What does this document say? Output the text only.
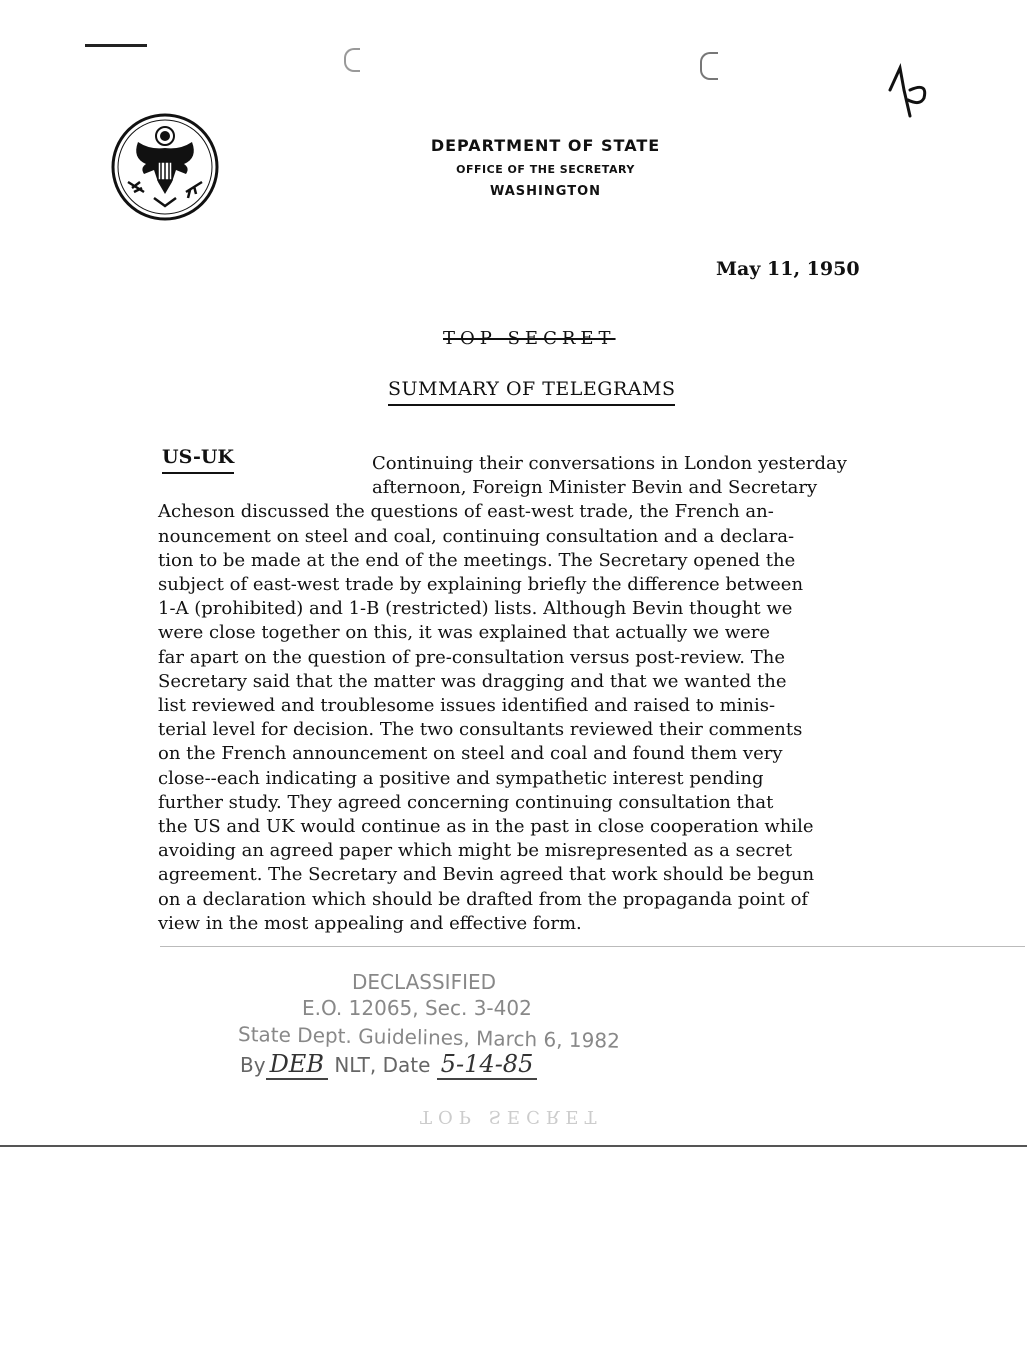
DEPARTMENT OF STATE
OFFICE OF THE SECRETARY
WASHINGTON
May 11, 1950
TOP SECRET
SUMMARY OF TELEGRAMS
US-UK	Continuing their conversations in London yesterday
afternoon, Foreign Minister Bevin and Secretary
Acheson discussed the questions of east-west trade, the French an-
nouncement on steel and coal, continuing consultation and a declara-
tion to be made at the end of the meetings. The Secretary opened the
subject of east-west trade by explaining briefly the difference between
1-A (prohibited) and 1-B (restricted) lists. Although Bevin thought we
were close together on this, it was explained that actually we were
far apart on the question of pre-consultation versus post-review. The
Secretary said that the matter was dragging and that we wanted the
list reviewed and troublesome issues identified and raised to minis-
terial level for decision. The two consultants reviewed their comments
on the French announcement on steel and coal and found them very
close--each indicating a positive and sympathetic interest pending
further study. They agreed concerning continuing consultation that
the US and UK would continue as in the past in close cooperation while
avoiding an agreed paper which might be misrepresented as a secret
agreement. The Secretary and Bevin agreed that work should be begun
on a declaration which should be drafted from the propaganda point of
view in the most appealing and effective form.
DECLASSIFIED
E.O. 12065, Sec. 3-402
State Dept. Guidelines, March 6, 1982
By DEB NLT, Date 5-14-85
TOP SECRET
